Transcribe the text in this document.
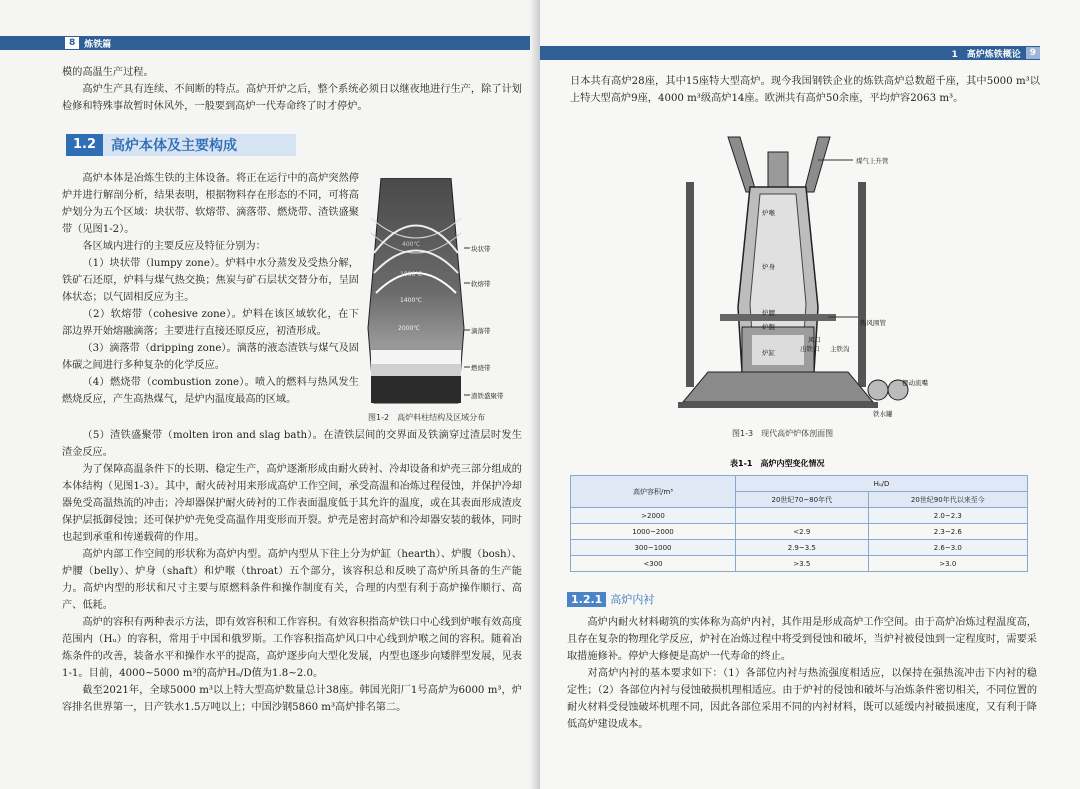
8	炼铁篇

模的高温生产过程。

高炉生产具有连续、不间断的特点。高炉开炉之后，整个系统必须日以继夜地进行生产，除了计划检修和特殊事故暂时休风外，一般要到高炉一代寿命终了时才停炉。

1.2	高炉本体及主要构成

高炉本体是冶炼生铁的主体设备。将正在运行中的高炉突然停炉并进行解剖分析，结果表明，根据物料存在形态的不同，可将高炉划分为五个区域：块状带、软熔带、滴落带、燃烧带、渣铁盛聚带（见图1-2）。

各区域内进行的主要反应及特征分别为：

（1）块状带（lumpy zone）。炉料中水分蒸发及受热分解，铁矿石还原，炉料与煤气热交换；焦炭与矿石层状交替分布，呈固体状态；以气固相反应为主。

（2）软熔带（cohesive zone）。炉料在该区域软化，在下部边界开始熔融滴落；主要进行直接还原反应，初渣形成。

（3）滴落带（dripping zone）。滴落的液态渣铁与煤气及固体碳之间进行多种复杂的化学反应。

（4）燃烧带（combustion zone）。喷入的燃料与热风发生燃烧反应，产生高热煤气，是炉内温度最高的区域。

400℃
1000℃
1400℃
2000℃
块状带
软熔带
滴落带
燃烧带
渣铁盛聚带
图1-2　高炉料柱结构及区域分布

（5）渣铁盛聚带（molten iron and slag bath）。在渣铁层间的交界面及铁滴穿过渣层时发生渣金反应。

为了保障高温条件下的长期、稳定生产，高炉逐渐形成由耐火砖衬、冷却设备和炉壳三部分组成的本体结构（见图1-3）。其中，耐火砖衬用来形成高炉工作空间，承受高温和冶炼过程侵蚀，并保护冷却器免受高温热流的冲击；冷却器保护耐火砖衬的工作表面温度低于其允许的温度，或在其表面形成渣皮保护层抵御侵蚀；还可保护炉壳免受高温作用变形而开裂。炉壳是密封高炉和冷却器安装的载体，同时也起到承重和传递载荷的作用。

高炉内部工作空间的形状称为高炉内型。高炉内型从下往上分为炉缸（hearth）、炉腹（bosh）、炉腰（belly）、炉身（shaft）和炉喉（throat）五个部分，该容积总和反映了高炉所具备的生产能力。高炉内型的形状和尺寸主要与原燃料条件和操作制度有关，合理的内型有利于高炉操作顺行、高产、低耗。

高炉的容积有两种表示方法，即有效容积和工作容积。有效容积指高炉铁口中心线到炉喉有效高度范围内（Hᵤ）的容积，常用于中国和俄罗斯。工作容积指高炉风口中心线到炉喉之间的容积。随着冶炼条件的改善，装备水平和操作水平的提高，高炉逐步向大型化发展，内型也逐步向矮胖型发展，见表1-1。目前，4000~5000 m³的高炉Hᵤ/D值为1.8~2.0。

截至2021年，全球5000 m³以上特大型高炉数量总计38座。韩国光阳厂1号高炉为6000 m³，炉容排名世界第一，日产铁水1.5万吨以上；中国沙钢5860 m³高炉排名第二。

1　高炉炼铁概论	9

日本共有高炉28座，其中15座特大型高炉。现今我国钢铁企业的炼铁高炉总数超千座，其中5000 m³以上特大型高炉9座，4000 m³级高炉14座。欧洲共有高炉50余座，平均炉容2063 m³。

煤气上升管
炉喉
炉身
炉腰
炉腹
炉缸
热风围管
风口
出铁口 主铁沟
摆动流嘴
铁水罐
图1-3　现代高炉炉体剖面图
表1-1　高炉内型变化情况
高炉容积/m³	Hᵤ/D	
	20世纪70~80年代	20世纪90年代以来至今
>2000		2.0~2.3
1000~2000	<2.9	2.3~2.6
300~1000	2.9~3.5	2.6~3.0
<300	>3.5	>3.0
1.2.1 高炉内衬

高炉内耐火材料砌筑的实体称为高炉内衬，其作用是形成高炉工作空间。由于高炉冶炼过程温度高，且存在复杂的物理化学反应，炉衬在冶炼过程中将受到侵蚀和破坏，当炉衬被侵蚀到一定程度时，需要采取措施修补。停炉大修便是高炉一代寿命的终止。

对高炉内衬的基本要求如下：（1）各部位内衬与热流强度相适应，以保持在强热流冲击下内衬的稳定性；（2）各部位内衬与侵蚀破损机理相适应。由于炉衬的侵蚀和破坏与冶炼条件密切相关，不同位置的耐火材料受侵蚀破坏机理不同，因此各部位采用不同的内衬材料，既可以延缓内衬破损速度，又有利于降低高炉建设成本。
